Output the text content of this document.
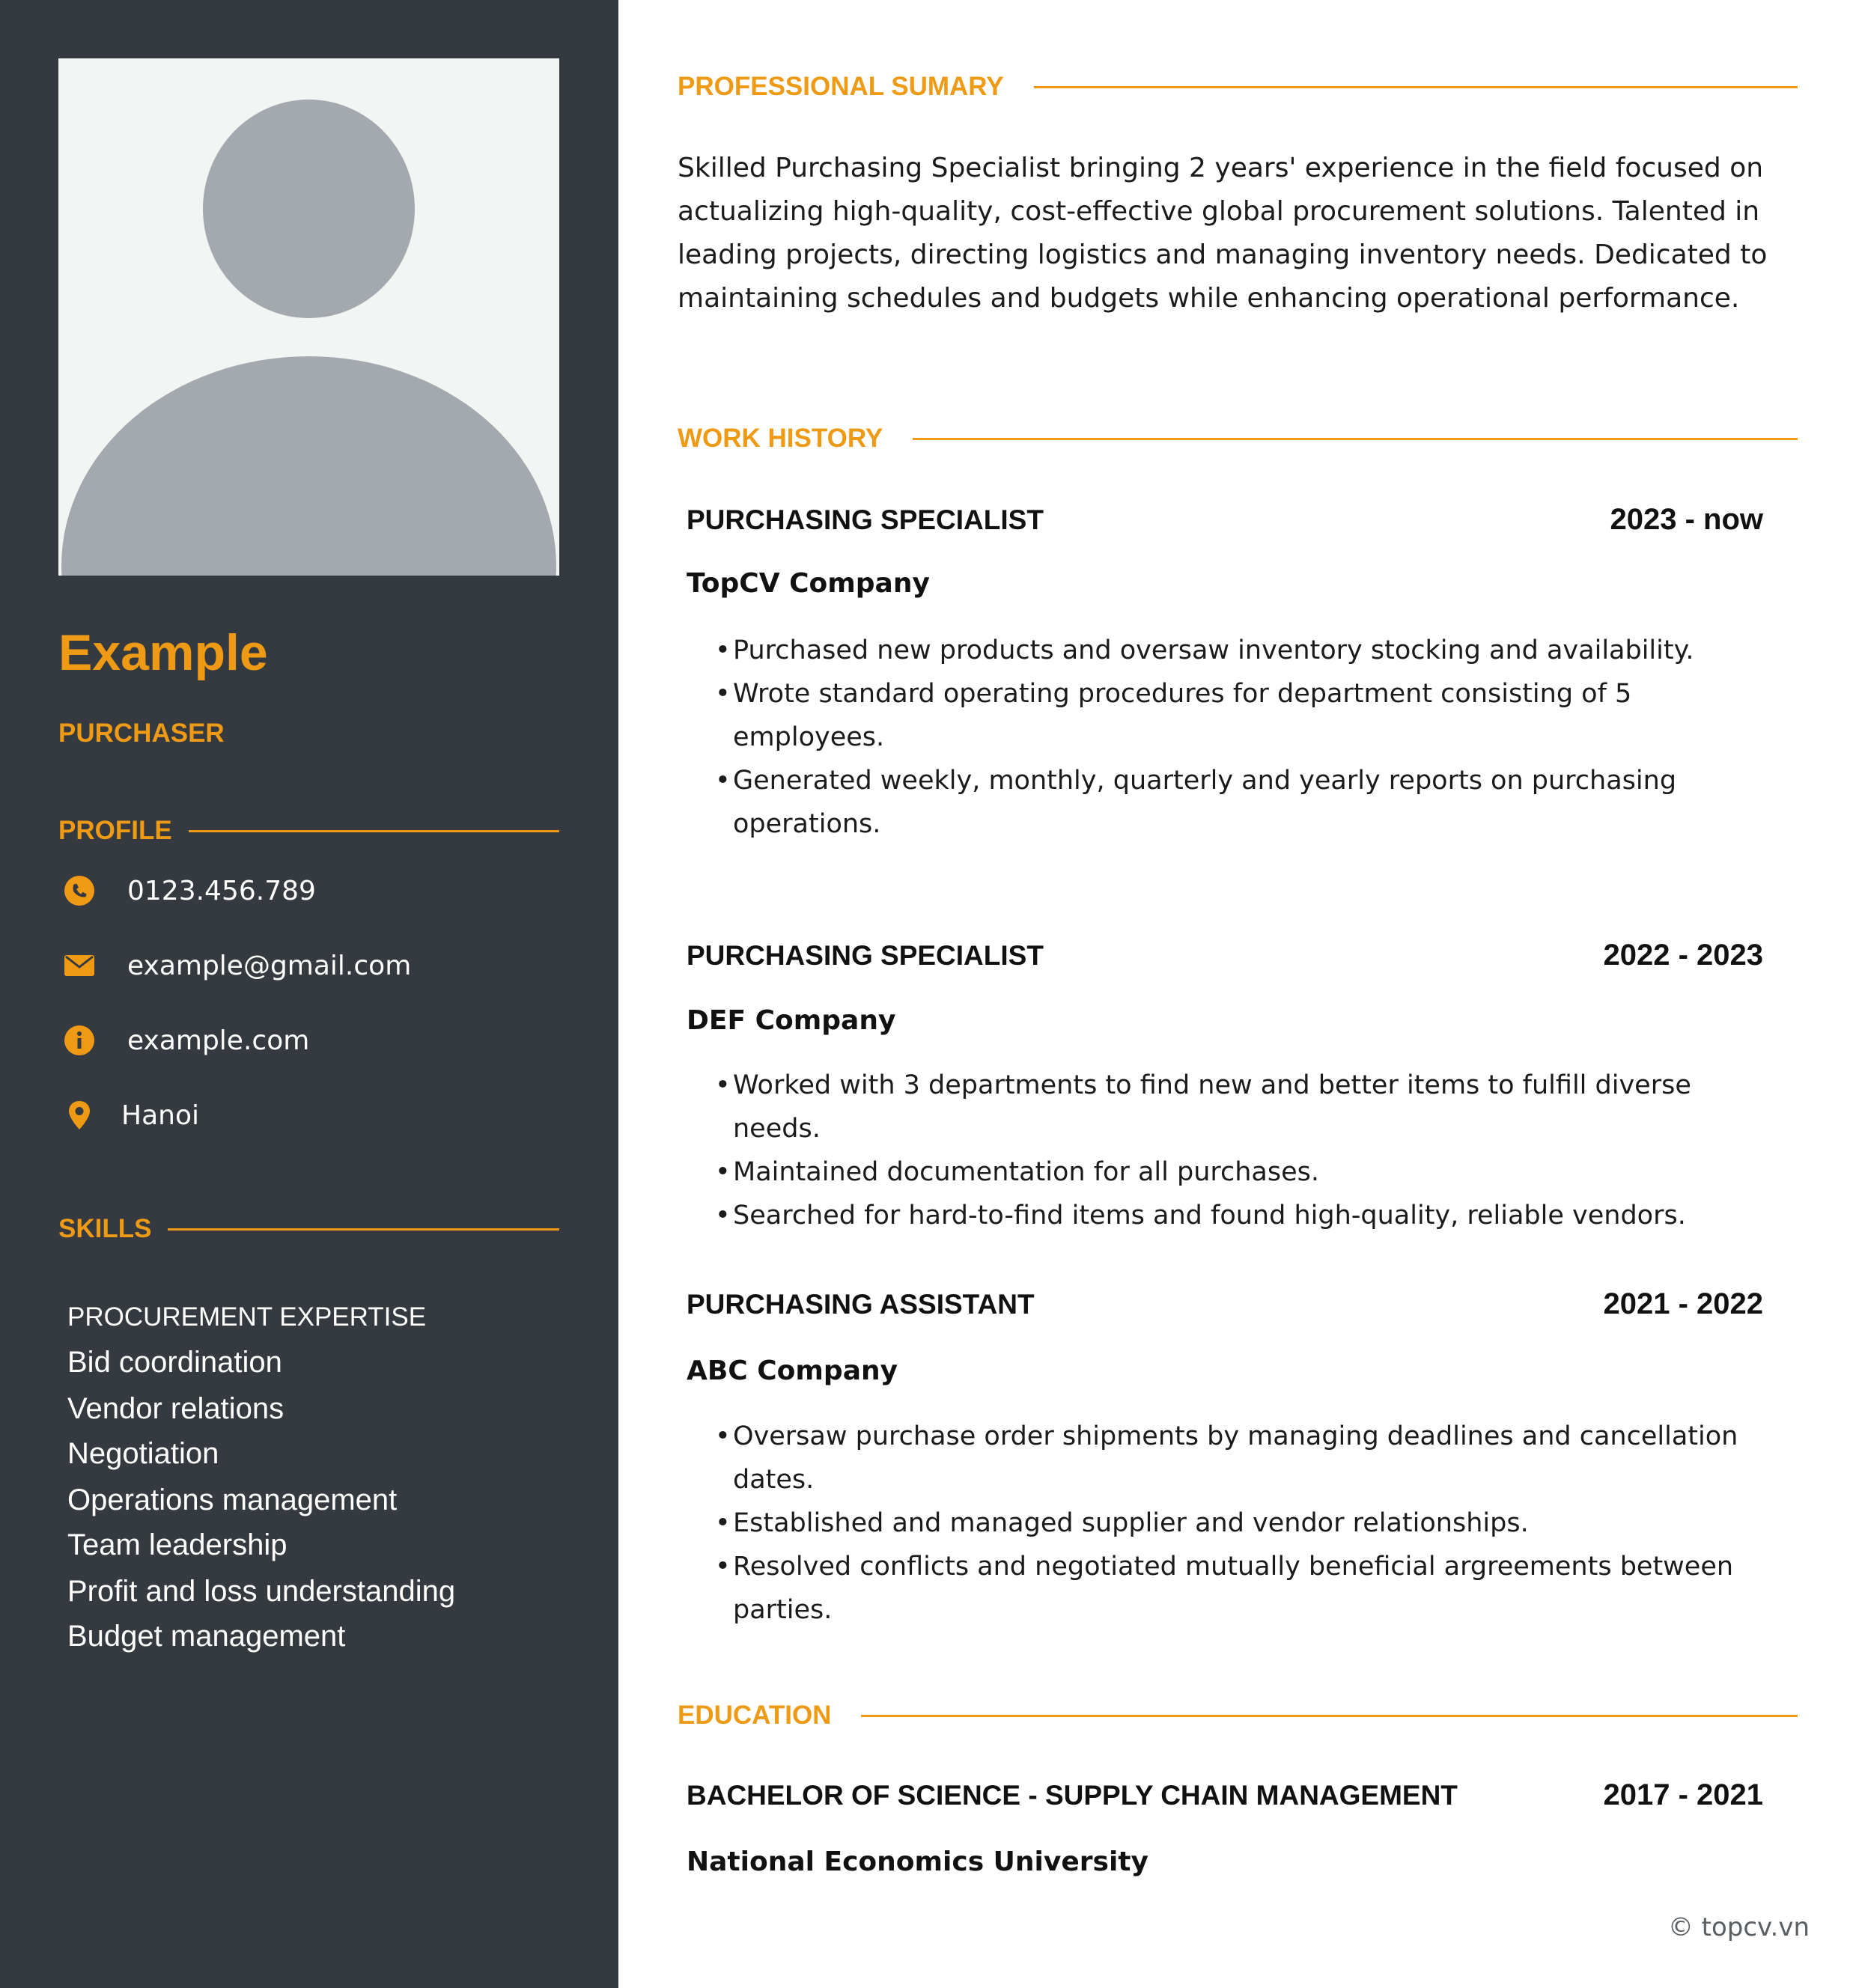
Example
PURCHASER
PROFILE
0123.456.789
example@gmail.com
example.com
Hanoi
SKILLS
PROCUREMENT EXPERTISE
Bid coordination
Vendor relations
Negotiation
Operations management
Team leadership
Profit and loss understanding
Budget management
PROFESSIONAL SUMARY

Skilled Purchasing Specialist bringing 2 years' experience in the field focused on actualizing high-quality, cost-effective global procurement solutions. Talented in leading projects, directing logistics and managing inventory needs. Dedicated to maintaining schedules and budgets while enhancing operational performance.

WORK HISTORY
PURCHASING SPECIALIST	2023 - now
TopCV Company
• Purchased new products and oversaw inventory stocking and availability.
• Wrote standard operating procedures for department consisting of 5 employees.
• Generated weekly, monthly, quarterly and yearly reports on purchasing operations.
PURCHASING SPECIALIST	2022 - 2023
DEF Company
• Worked with 3 departments to find new and better items to fulfill diverse needs.
• Maintained documentation for all purchases.
• Searched for hard-to-find items and found high-quality, reliable vendors.
PURCHASING ASSISTANT	2021 - 2022
ABC Company
• Oversaw purchase order shipments by managing deadlines and cancellation dates.
• Established and managed supplier and vendor relationships.
• Resolved conflicts and negotiated mutually beneficial argreements between parties.
EDUCATION
BACHELOR OF SCIENCE - SUPPLY CHAIN MANAGEMENT	2017 - 2021
National Economics University
© topcv.vn
